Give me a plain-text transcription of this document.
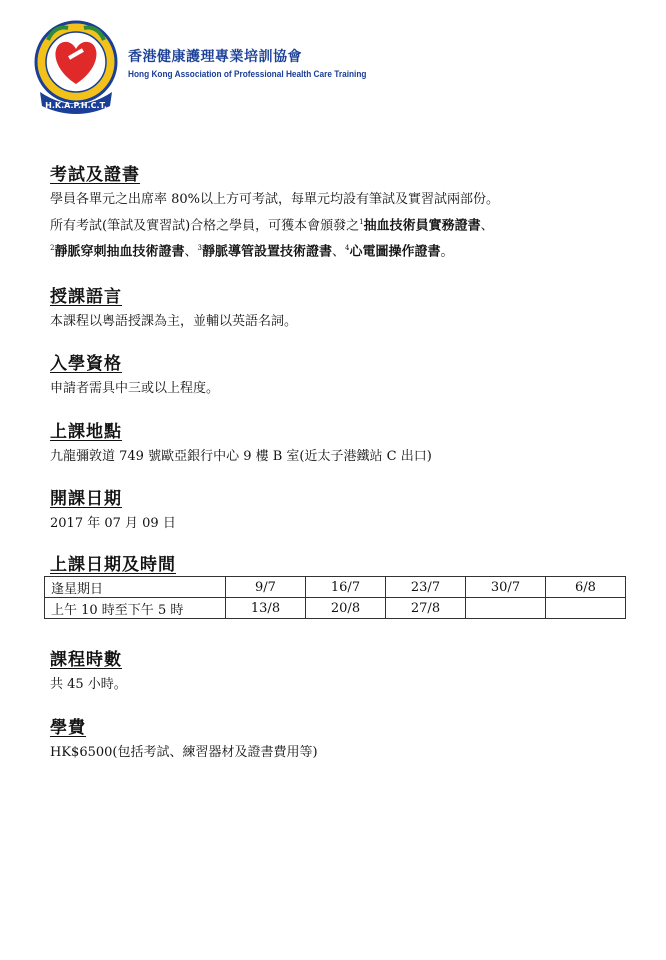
H.K.A.P.H.C.T.
香港健康護理專業培訓協會
Hong Kong Association of Professional Health Care Training
考試及證書

學員各單元之出席率 80%以上方可考試，每單元均設有筆試及實習試兩部份。

所有考試(筆試及實習試)合格之學員，可獲本會頒發之$^1$抽血技術員實務證書、

$^2$靜脈穿刺抽血技術證書、$^3$靜脈導管設置技術證書、$^4$心電圖操作證書。

授課語言

本課程以粵語授課為主，並輔以英語名詞。

入學資格

申請者需具中三或以上程度。

上課地點

九龍彌敦道 749 號歐亞銀行中心 9 樓 B 室(近太子港鐵站 C 出口)

開課日期

2017 年 07 月 09 日

上課日期及時間
逢星期日	9/7	16/7	23/7	30/7	6/8
上午 10 時至下午 5 時	13/8	20/8	27/8		
課程時數

共 45 小時。

學費

HK$6500(包括考試、練習器材及證書費用等)
